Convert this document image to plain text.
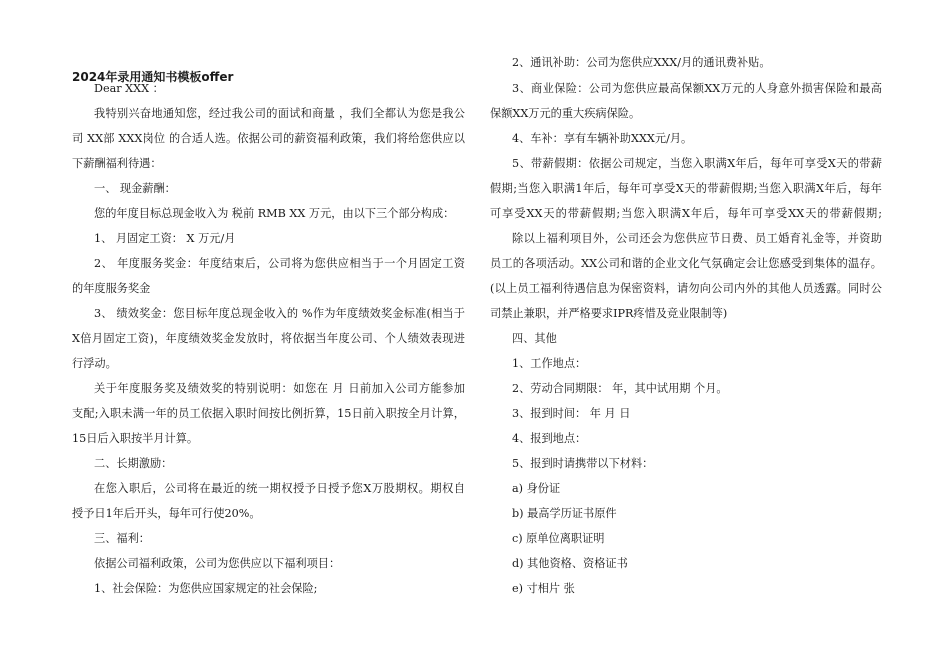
2024年录用通知书模板offer
Dear XXX ：
我特别兴奋地通知您，经过我公司的面试和商量 ，我们全都认为您是我公
司 XX部 XXX岗位 的合适人选。依据公司的薪资福利政策，我们将给您供应以
下薪酬福利待遇：
一、 现金薪酬：
您的年度目标总现金收入为 税前 RMB XX 万元，由以下三个部分构成：
1、 月固定工资： X 万元/月
2、 年度服务奖金：年度结束后，公司将为您供应相当于一个月固定工资
的年度服务奖金
3、 绩效奖金：您目标年度总现金收入的 %作为年度绩效奖金标准(相当于
X倍月固定工资)，年度绩效奖金发放时，将依据当年度公司、个人绩效表现进
行浮动。
关于年度服务奖及绩效奖的特别说明：如您在 月 日前加入公司方能参加
支配;入职未满一年的员工依据入职时间按比例折算，15日前入职按全月计算，
15日后入职按半月计算。
二、长期激励：
在您入职后，公司将在最近的统一期权授予日授予您X万股期权。期权自
授予日1年后开头，每年可行使20%。
三、福利：
依据公司福利政策，公司为您供应以下福利项目：
1、社会保险：为您供应国家规定的社会保险;
2、通讯补助：公司为您供应XXX/月的通讯费补贴。
3、商业保险：公司为您供应最高保额XX万元的人身意外损害保险和最高
保额XX万元的重大疾病保险。
4、车补：享有车辆补助XXX元/月。
5、带薪假期：依据公司规定，当您入职满X年后，每年可享受X天的带薪
假期;当您入职满1年后，每年可享受X天的带薪假期;当您入职满X年后，每年
可享受XX天的带薪假期;当您入职满X年后，每年可享受XX天的带薪假期;
除以上福利项目外，公司还会为您供应节日费、员工婚育礼金等，并资助
员工的各项活动。XX公司和谐的企业文化气氛确定会让您感受到集体的温存。
(以上员工福利待遇信息为保密资料，请勿向公司内外的其他人员透露。同时公
司禁止兼职，并严格要求IPR疼惜及竞业限制等)
四、其他
1、工作地点：
2、劳动合同期限： 年，其中试用期 个月。
3、报到时间： 年 月 日
4、报到地点：
5、报到时请携带以下材料：
a) 身份证
b) 最高学历证书原件
c) 原单位离职证明
d) 其他资格、资格证书
e) 寸相片 张
